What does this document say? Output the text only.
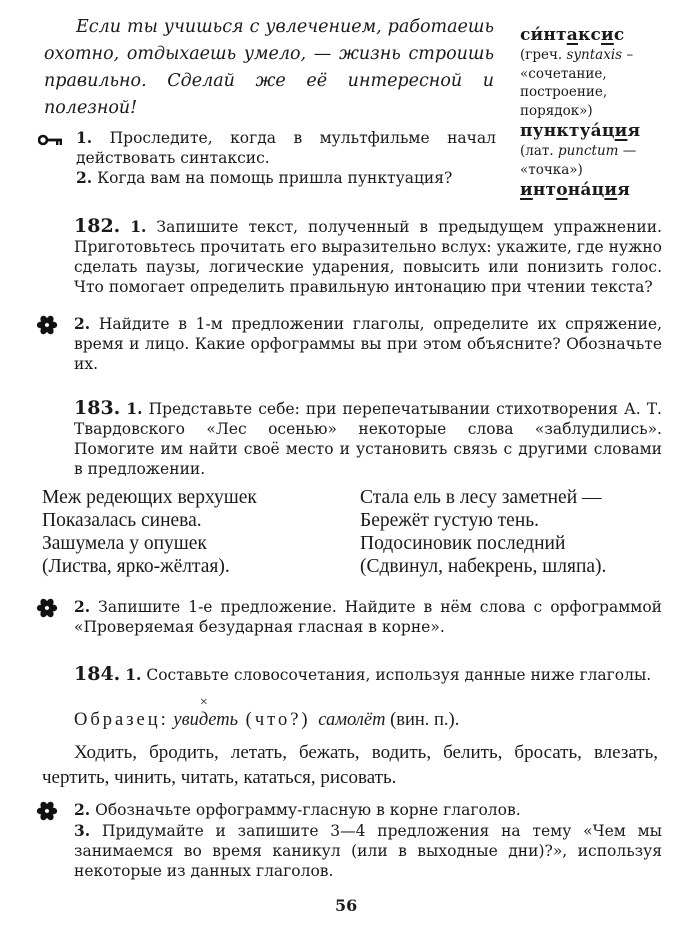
Если ты учишься с увлечением, работаешь охотно, отдыхаешь умело, — жизнь строишь правильно. Сделай же её интересной и полезной!
си́нтаксис
(греч. syntaxis – «сочетание, построение, порядок»)
пунктуа́ция
(лат. punctum — «точка»)
интона́ция
1. Проследите, когда в мультфильме начал действовать синтаксис.
2. Когда вам на помощь пришла пунктуация?
182. 1. Запишите текст, полученный в предыдущем упражнении. Приготовьтесь прочитать его выразительно вслух: укажите, где нужно сделать паузы, логические ударения, повысить или понизить голос. Что помогает определить правильную интонацию при чтении текста?
2. Найдите в 1-м предложении глаголы, определите их спряжение, время и лицо. Какие орфограммы вы при этом объясните? Обозначьте их.
183. 1. Представьте себе: при перепечатывании стихотворения А. Т. Твардовского «Лес осенью» некоторые слова «заблудились». Помогите им найти своё место и установить связь с другими словами в предложении.
Меж редеющих верхушек
Показалась синева.
Зашумела у опушек
(Листва, ярко-жёлтая).
Стала ель в лесу заметней —
Бережёт густую тень.
Подосиновик последний
(Сдвинул, набекрень, шляпа).
2. Запишите 1-е предложение. Найдите в нём слова с орфограммой «Проверяемая безударная гласная в корне».
184. 1. Составьте словосочетания, используя данные ниже глаголы.
Образец: уви
×
деть (что?) самолёт (вин. п.).
Ходить, бродить, летать, бежать, водить, белить, бросать, влезать, чертить, чинить, читать, кататься, рисовать.
2. Обозначьте орфограмму-гласную в корне глаголов.
3. Придумайте и запишите 3—4 предложения на тему «Чем мы занимаемся во время каникул (или в выходные дни)?», используя некоторые из данных глаголов.
56
